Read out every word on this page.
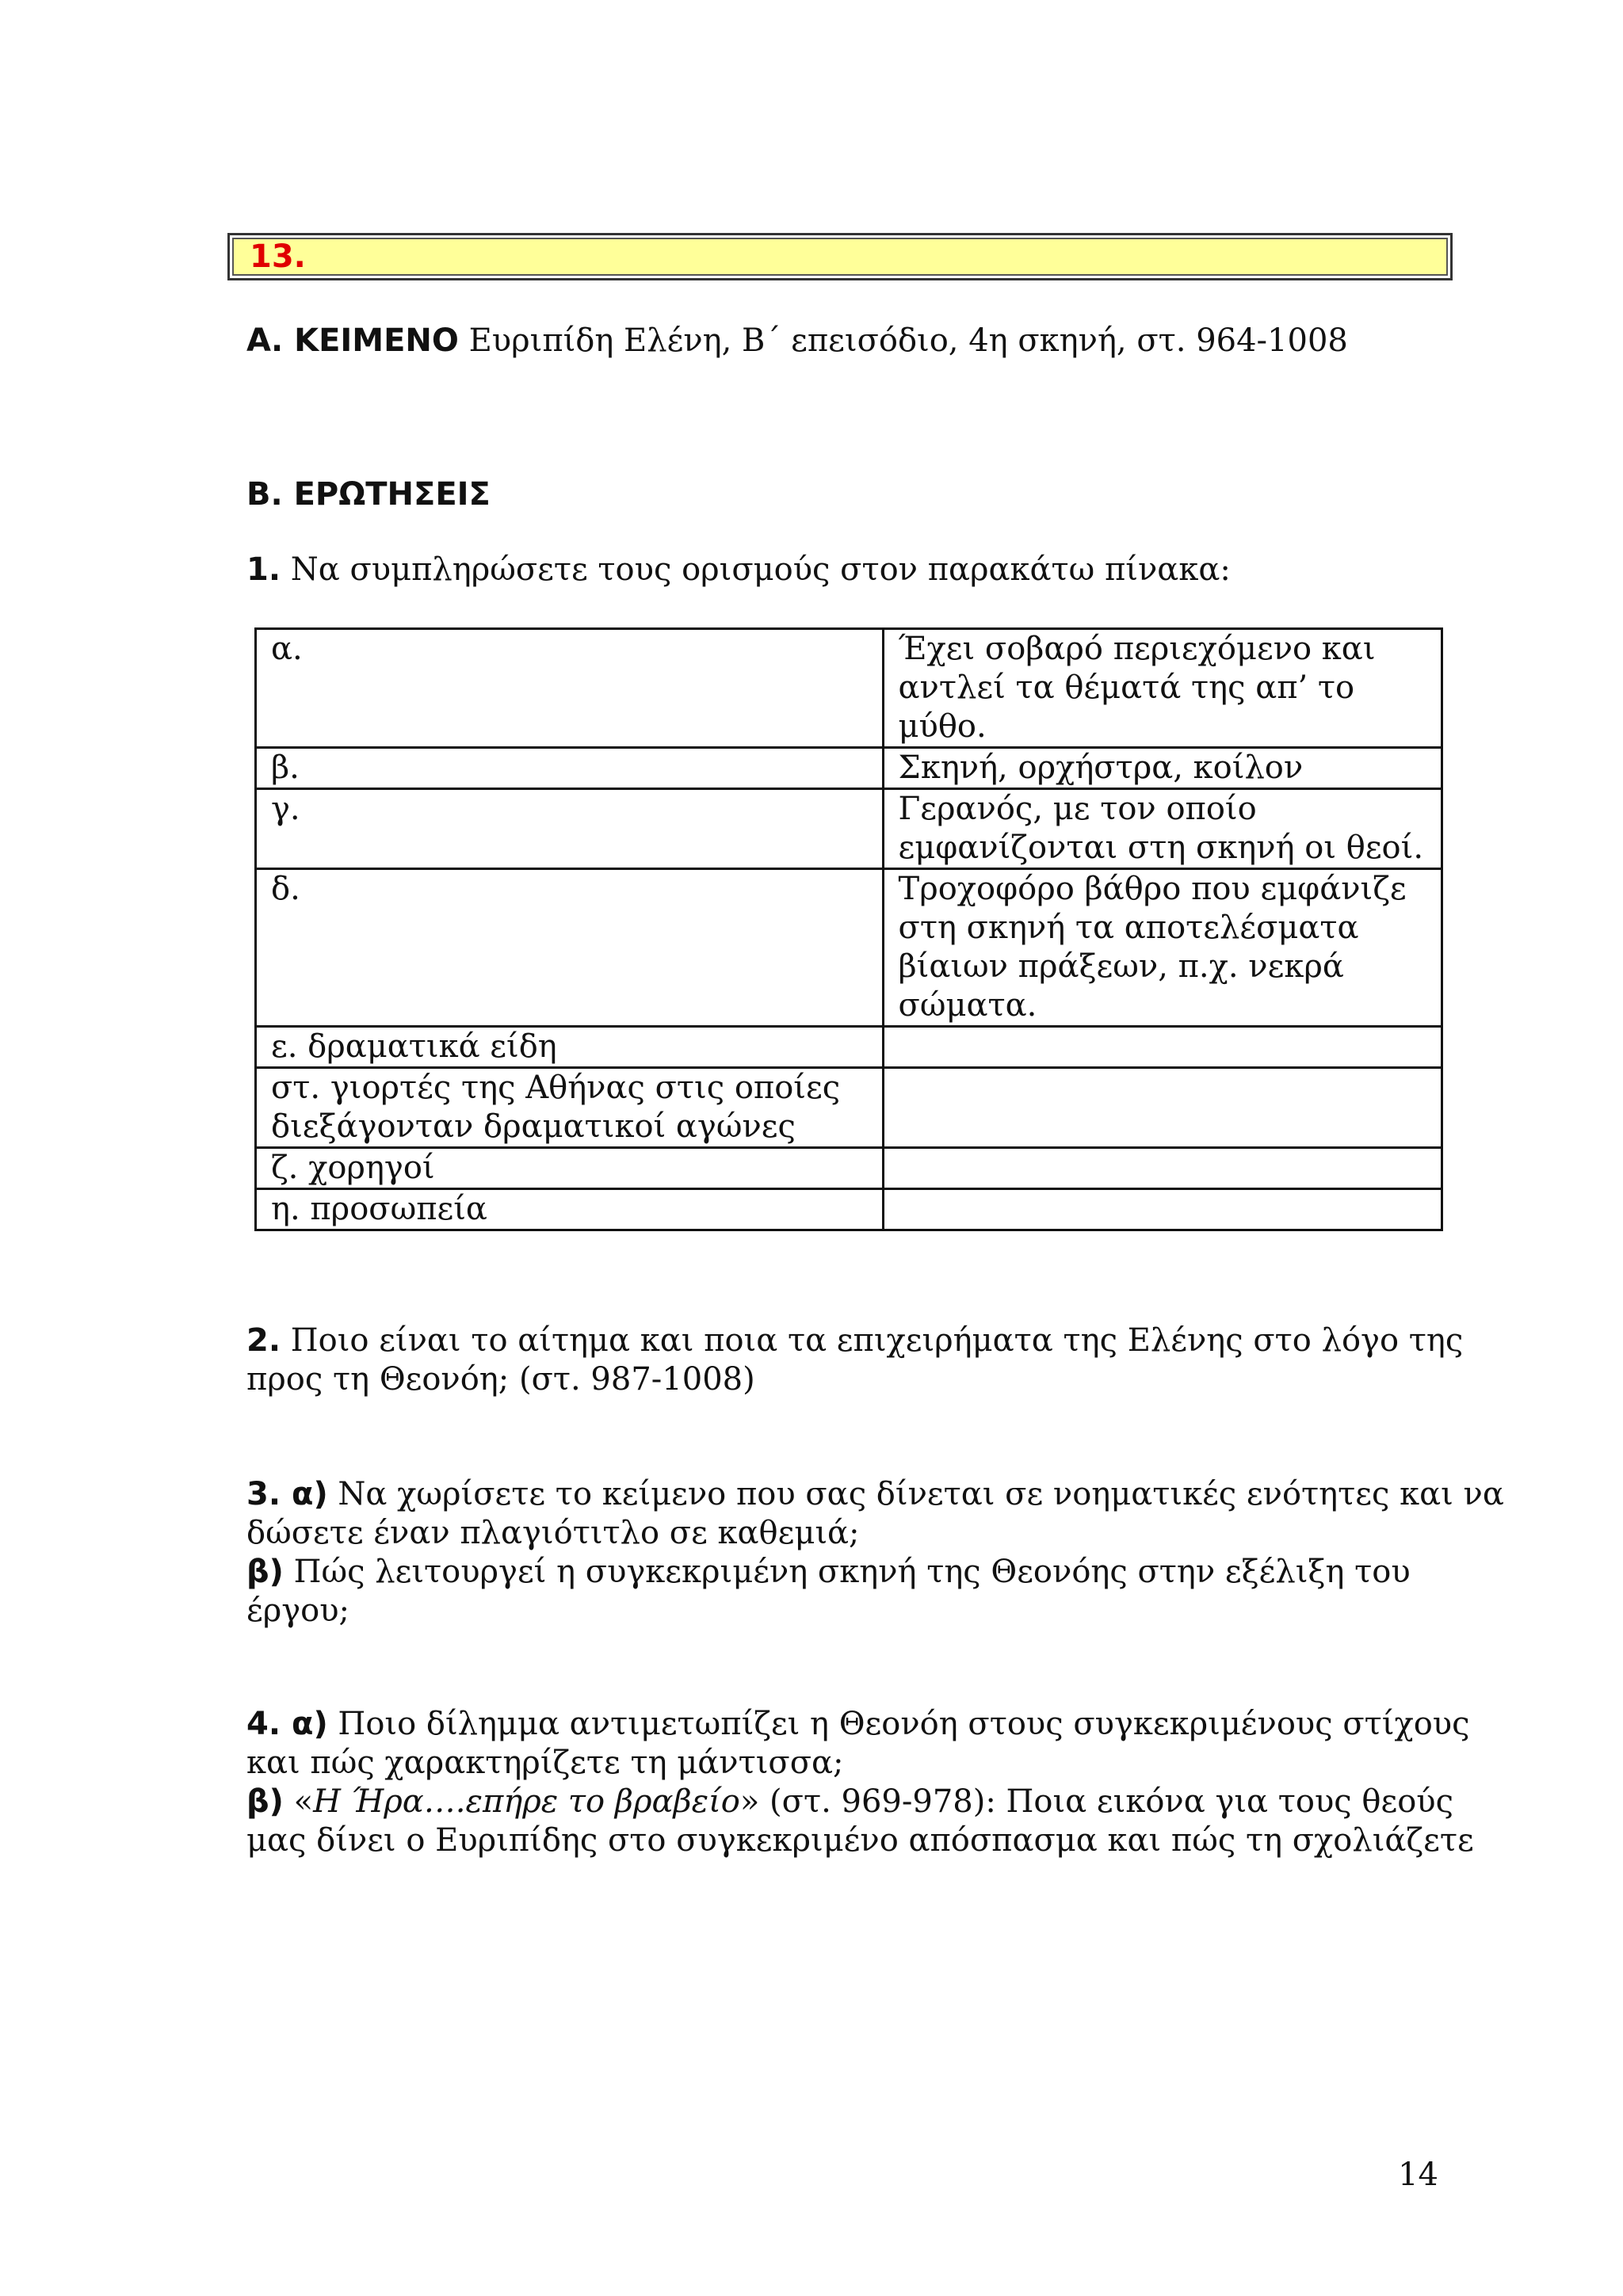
13.
Α. ΚΕΙΜΕΝΟ Ευριπίδη Ελένη, Β΄ επεισόδιο, 4η σκηνή, στ. 964-1008
Β. ΕΡΩΤΗΣΕΙΣ
1. Να συμπληρώσετε τους ορισμούς στον παρακάτω πίνακα:
α.	Έχει σοβαρό περιεχόμενο και
αντλεί τα θέματά της απ’ το
μύθο.

β.	Σκηνή, ορχήστρα, κοίλον

γ.	Γερανός, με τον οποίο
εμφανίζονται στη σκηνή οι θεοί.

δ.	Τροχοφόρο βάθρο που εμφάνιζε
στη σκηνή τα αποτελέσματα
βίαιων πράξεων, π.χ. νεκρά
σώματα.

ε. δραματικά είδη	

στ. γιορτές της Αθήνας στις οποίες
διεξάγονταν δραματικοί αγώνες	

ζ. χορηγοί	

η. προσωπεία	

2. Ποιο είναι το αίτημα και ποια τα επιχειρήματα της Ελένης στο λόγο της
προς τη Θεονόη; (στ. 987-1008)
3. α) Να χωρίσετε το κείμενο που σας δίνεται σε νοηματικές ενότητες και να
δώσετε έναν πλαγιότιτλο σε καθεμιά;
β) Πώς λειτουργεί η συγκεκριμένη σκηνή της Θεονόης στην εξέλιξη του
έργου;
4. α) Ποιο δίλημμα αντιμετωπίζει η Θεονόη στους συγκεκριμένους στίχους
και πώς χαρακτηρίζετε τη μάντισσα;
β) «Η Ήρα….επήρε το βραβείο» (στ. 969-978): Ποια εικόνα για τους θεούς
μας δίνει ο Ευριπίδης στο συγκεκριμένο απόσπασμα και πώς τη σχολιάζετε
14
